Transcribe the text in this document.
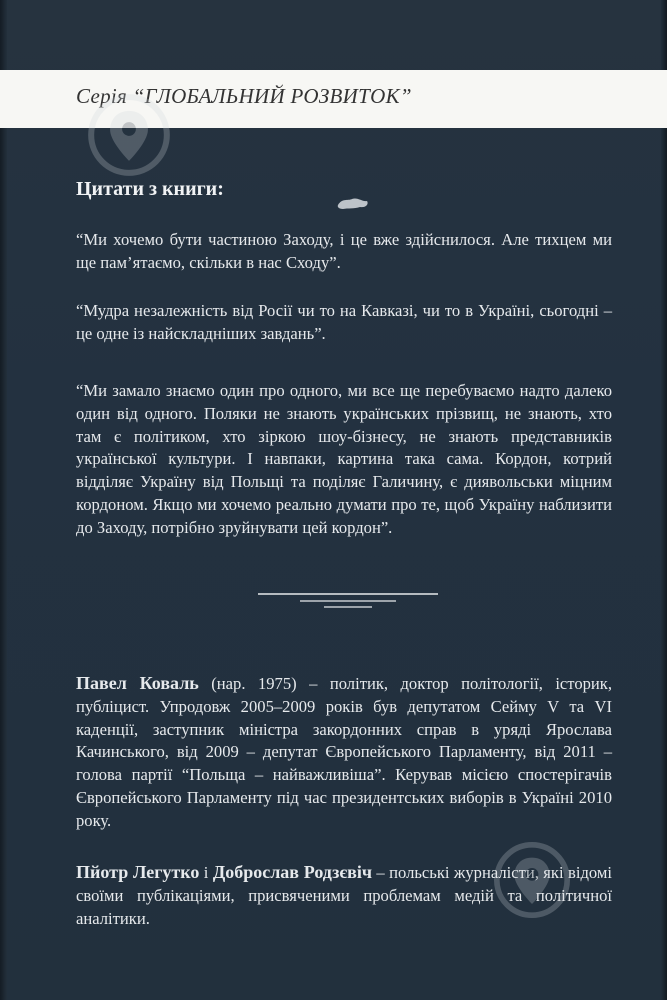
Серія “ГЛОБАЛЬНИЙ РОЗВИТОК”
Цитати з книги:
“Ми хочемо бути частиною Заходу, і це вже здійснилося. Але тихцем ми ще пам’ятаємо, скільки в нас Сходу”.
“Мудра незалежність від Росії чи то на Кавказі, чи то в Україні, сьогодні – це одне із найскладніших завдань”.
“Ми замало знаємо один про одного, ми все ще перебуваємо надто далеко один від одного. Поляки не знають українських прізвищ, не знають, хто там є політиком, хто зіркою шоу-бізнесу, не знають представників української культури. І навпаки, картина така сама. Кордон, котрий відділяє Україну від Польщі та поділяє Галичину, є диявольськи міцним кордоном. Якщо ми хочемо реально думати про те, щоб Україну наблизити до Заходу, потрібно зруйнувати цей кордон”.
Павел Коваль (нар. 1975) – політик, доктор політології, історик, публіцист. Упродовж 2005–2009 років був депутатом Сейму V та VI каденції, заступник міністра закордонних справ в уряді Ярослава Качинського, від 2009 – депутат Європейського Парламенту, від 2011 – голова партії “Польща – найважливіша”. Керував місією спостерігачів Європейського Парламенту під час президентських виборів в Україні 2010 року.
Пйотр Легутко і Доброслав Родзєвіч – польські журналісти, які відомі своїми публікаціями, присвяченими проблемам медій та політичної аналітики.
